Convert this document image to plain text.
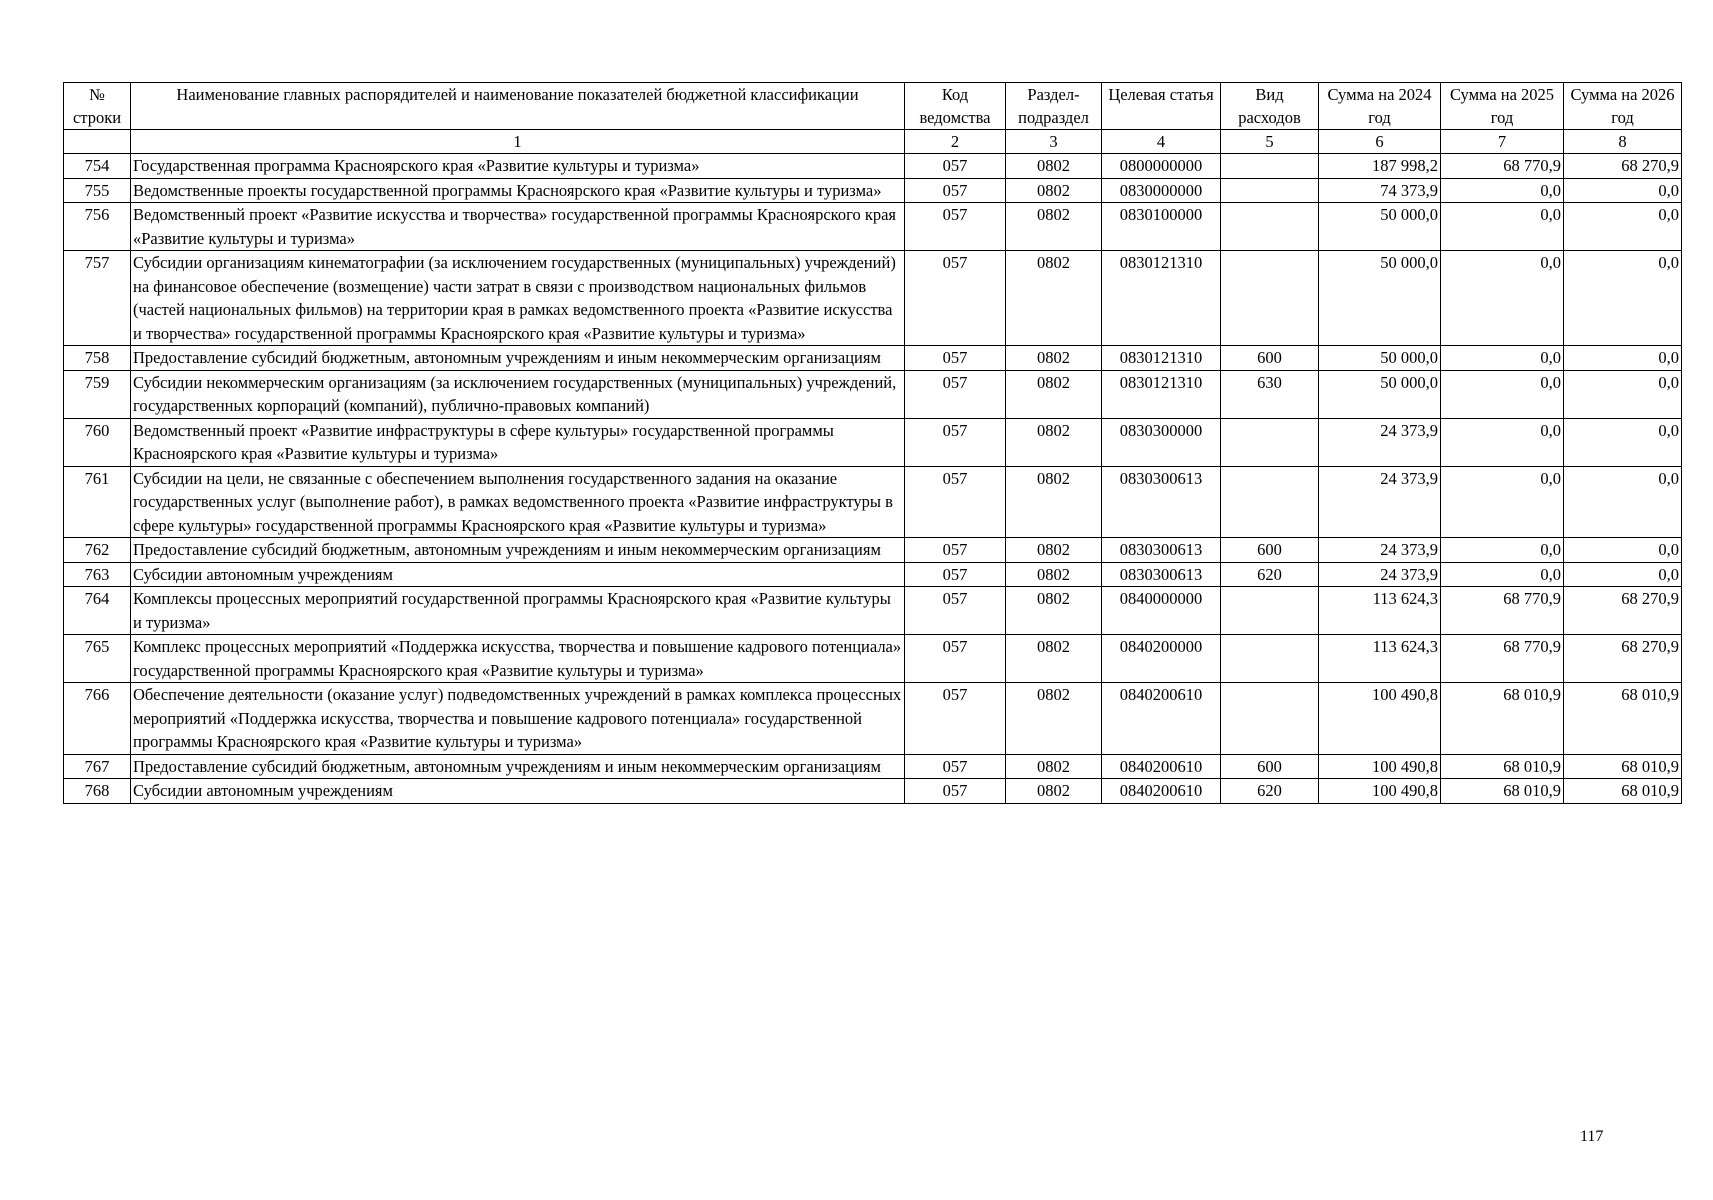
№ строки	Наименование главных распорядителей и наименование показателей бюджетной классификации	Код ведомства	Раздел-подраздел	Целевая статья	Вид расходов	Сумма на 2024 год	Сумма на 2025 год	Сумма на 2026 год
	1	2	3	4	5	6	7	8
754	Государственная программа Красноярского края «Развитие культуры и туризма»	057	0802	0800000000		187 998,2	68 770,9	68 270,9
755	Ведомственные проекты государственной программы Красноярского края «Развитие культуры и туризма»	057	0802	0830000000		74 373,9	0,0	0,0
756	Ведомственный проект «Развитие искусства и творчества» государственной программы Красноярского края «Развитие культуры и туризма»	057	0802	0830100000		50 000,0	0,0	0,0
757	Субсидии организациям кинематографии (за исключением государственных (муниципальных) учреждений) на финансовое обеспечение (возмещение) части затрат в связи с производством национальных фильмов (частей национальных фильмов) на территории края в рамках ведомственного проекта «Развитие искусства и творчества» государственной программы Красноярского края «Развитие культуры и туризма»	057	0802	0830121310		50 000,0	0,0	0,0
758	Предоставление субсидий бюджетным, автономным учреждениям и иным некоммерческим организациям	057	0802	0830121310	600	50 000,0	0,0	0,0
759	Субсидии некоммерческим организациям (за исключением государственных (муниципальных) учреждений, государственных корпораций (компаний), публично-правовых компаний)	057	0802	0830121310	630	50 000,0	0,0	0,0
760	Ведомственный проект «Развитие инфраструктуры в сфере культуры» государственной программы Красноярского края «Развитие культуры и туризма»	057	0802	0830300000		24 373,9	0,0	0,0
761	Субсидии на цели, не связанные с обеспечением выполнения государственного задания на оказание государственных услуг (выполнение работ), в рамках ведомственного проекта «Развитие инфраструктуры в сфере культуры» государственной программы Красноярского края «Развитие культуры и туризма»	057	0802	0830300613		24 373,9	0,0	0,0
762	Предоставление субсидий бюджетным, автономным учреждениям и иным некоммерческим организациям	057	0802	0830300613	600	24 373,9	0,0	0,0
763	Субсидии автономным учреждениям	057	0802	0830300613	620	24 373,9	0,0	0,0
764	Комплексы процессных мероприятий государственной программы Красноярского края «Развитие культуры и туризма»	057	0802	0840000000		113 624,3	68 770,9	68 270,9
765	Комплекс процессных мероприятий «Поддержка искусства, творчества и повышение кадрового потенциала» государственной программы Красноярского края «Развитие культуры и туризма»	057	0802	0840200000		113 624,3	68 770,9	68 270,9
766	Обеспечение деятельности (оказание услуг) подведомственных учреждений в рамках комплекса процессных мероприятий «Поддержка искусства, творчества и повышение кадрового потенциала» государственной программы Красноярского края «Развитие культуры и туризма»	057	0802	0840200610		100 490,8	68 010,9	68 010,9
767	Предоставление субсидий бюджетным, автономным учреждениям и иным некоммерческим организациям	057	0802	0840200610	600	100 490,8	68 010,9	68 010,9
768	Субсидии автономным учреждениям	057	0802	0840200610	620	100 490,8	68 010,9	68 010,9
117
